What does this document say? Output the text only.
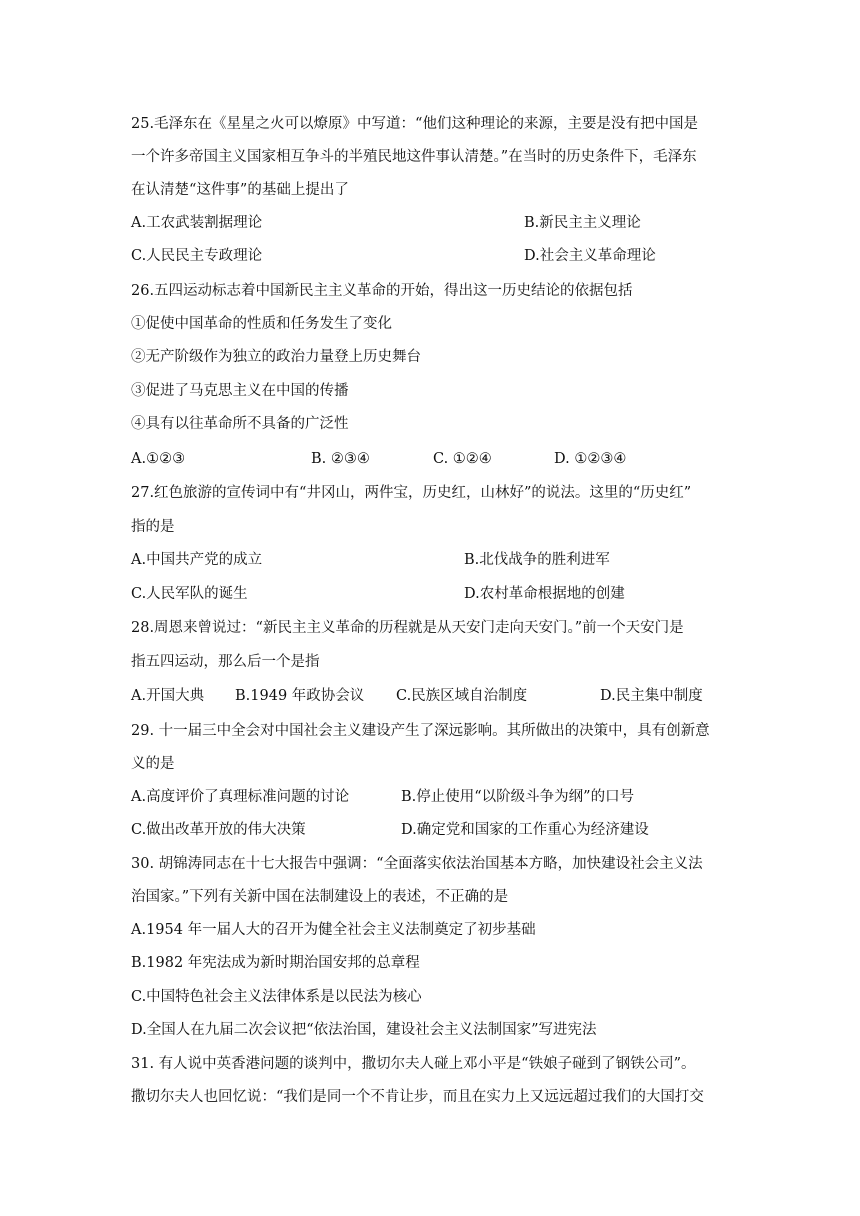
25.毛泽东在《星星之火可以燎原》中写道：“他们这种理论的来源，主要是没有把中国是
一个许多帝国主义国家相互争斗的半殖民地这件事认清楚。”在当时的历史条件下，毛泽东
在认清楚“这件事”的基础上提出了
A.工农武装割据理论	B.新民主主义理论
C.人民民主专政理论	D.社会主义革命理论
26.五四运动标志着中国新民主主义革命的开始，得出这一历史结论的依据包括
①促使中国革命的性质和任务发生了变化
②无产阶级作为独立的政治力量登上历史舞台
③促进了马克思主义在中国的传播
④具有以往革命所不具备的广泛性
A.①②③	B. ②③④	C. ①②④	D. ①②③④
27.红色旅游的宣传词中有“井冈山，两件宝，历史红，山林好”的说法。这里的“历史红”
指的是
A.中国共产党的成立	B.北伐战争的胜利进军
C.人民军队的诞生	D.农村革命根据地的创建
28.周恩来曾说过：“新民主主义革命的历程就是从天安门走向天安门。”前一个天安门是
指五四运动，那么后一个是指
A.开国大典 B.1949 年政协会议 C.民族区域自治制度	D.民主集中制度
29. 十一届三中全会对中国社会主义建设产生了深远影响。其所做出的决策中，具有创新意
义的是
A.高度评价了真理标准问题的讨论	B.停止使用“以阶级斗争为纲”的口号
C.做出改革开放的伟大决策	D.确定党和国家的工作重心为经济建设
30. 胡锦涛同志在十七大报告中强调：“全面落实依法治国基本方略，加快建设社会主义法
治国家。”下列有关新中国在法制建设上的表述，不正确的是
A.1954 年一届人大的召开为健全社会主义法制奠定了初步基础
B.1982 年宪法成为新时期治国安邦的总章程
C.中国特色社会主义法律体系是以民法为核心
D.全国人在九届二次会议把“依法治国，建设社会主义法制国家”写进宪法
31. 有人说中英香港问题的谈判中，撒切尔夫人碰上邓小平是“铁娘子碰到了钢铁公司”。
撒切尔夫人也回忆说：“我们是同一个不肯让步，而且在实力上又远远超过我们的大国打交
